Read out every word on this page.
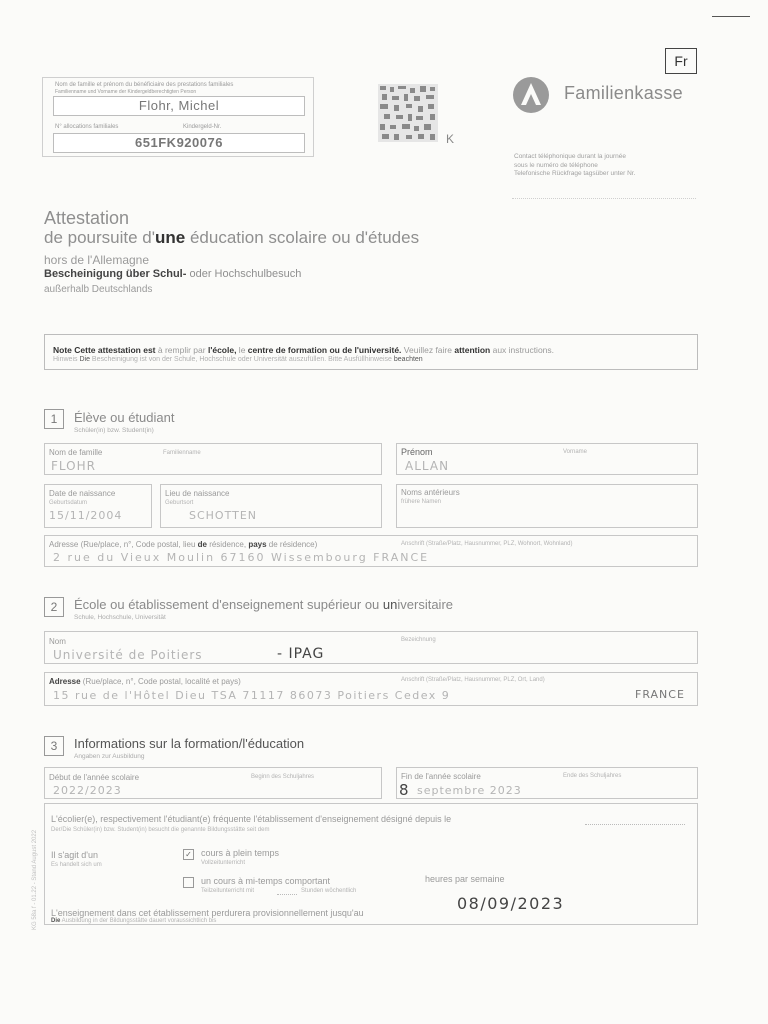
Fr
Nom de famille et prénom du bénéficiaire des prestations familiales
Familienname und Vorname der Kindergeldberechtigten Person
Flohr, Michel
N° allocations familiales	Kindergeld-Nr.
651FK920076	K
Familienkasse
Contact téléphonique durant la journée
sous le numéro de téléphone
Telefonische Rückfrage tagsüber unter Nr.
Attestation
de poursuite d'une éducation scolaire ou d'études
hors de l'Allemagne
Bescheinigung über Schul- oder Hochschulbesuch
außerhalb Deutschlands
Note Cette attestation est à remplir par l'école, le centre de formation ou de l'université. Veuillez faire attention aux instructions.
Hinweis Die Bescheinigung ist von der Schule, Hochschule oder Universität auszufüllen. Bitte Ausfüllhinweise beachten
1	Élève ou étudiant
Schüler(in) bzw. Student(in)
Nom de famille	Familienname
FLOHR
Prénom	Vorname
ALLAN
Date de naissance
Geburtsdatum
15/11/2004
Lieu de naissance
Geburtsort
SCHOTTEN
Noms antérieurs
frühere Namen
Adresse (Rue/place, n°, Code postal, lieu de résidence, pays de résidence)	Anschrift (Straße/Platz, Hausnummer, PLZ, Wohnort, Wohnland)
2 rue du Vieux Moulin 67160 Wissembourg FRANCE
2	École ou établissement d'enseignement supérieur ou universitaire
Schule, Hochschule, Universität
Nom	Bezeichnung
Université de Poitiers	- IPAG
Adresse (Rue/place, n°, Code postal, localité et pays)	Anschrift (Straße/Platz, Hausnummer, PLZ, Ort, Land)
15 rue de l'Hôtel Dieu TSA 71117 86073 Poitiers Cedex 9	FRANCE
3	Informations sur la formation/l'éducation
Angaben zur Ausbildung
Début de l'année scolaire	Beginn des Schuljahres
2022/2023
Fin de l'année scolaire	Ende des Schuljahres
8 septembre 2023
L'écolier(e), respectivement l'étudiant(e) fréquente l'établissement d'enseignement désigné depuis le
Der/Die Schüler(in) bzw. Student(in) besucht die genannte Bildungsstätte seit dem
Il s'agit d'un
Es handelt sich um
✓ cours à plein temps
Vollzeitunterricht
un cours à mi-temps comportant
Teilzeitunterricht mit	Stunden wöchentlich
heures par semaine
L'enseignement dans cet établissement perdurera provisionnellement jusqu'au
Die Ausbildung in der Bildungsstätte dauert voraussichtlich bis
08/09/2023
KG 58a f - 01.22 - Stand August 2022
